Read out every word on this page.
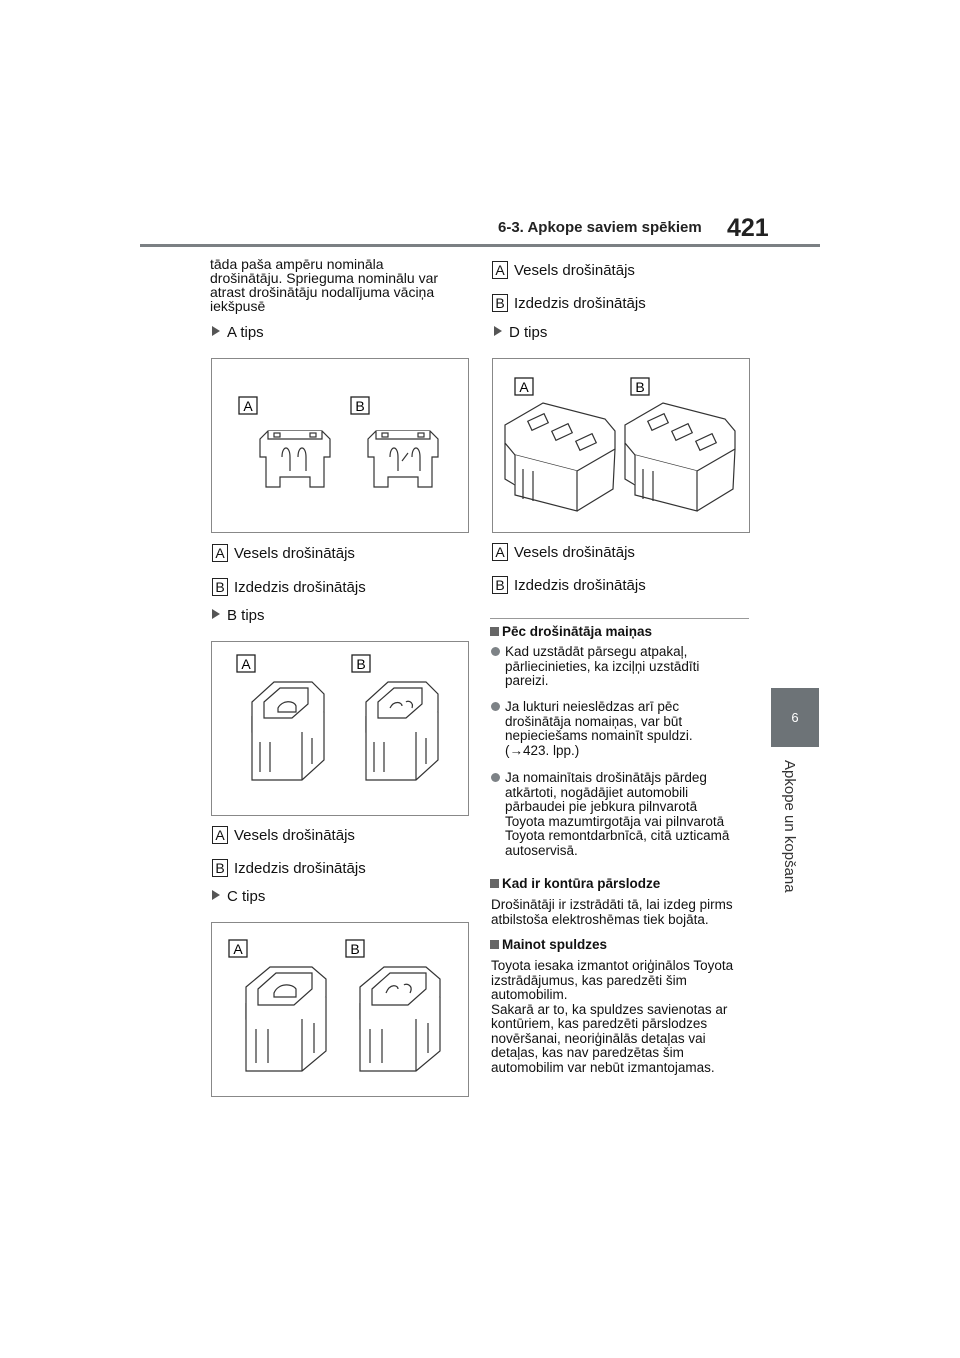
6-3. Apkope saviem spēkiem 421
6
Apkope un kopšana

tāda paša ampēru nominālа

drošinātāju. Sprieguma nominālu var

atrast drošinātāju nodalījuma vāciņa

iekšpusē

A tips
A	B
A Vesels drošinātājs
B Izdedzis drošinātājs
B tips
A	B
A Vesels drošinātājs
B Izdedzis drošinātājs
C tips
A	B
A Vesels drošinātājs
B Izdedzis drošinātājs
D tips
A	B
A Vesels drošinātājs
B Izdedzis drošinātājs
Pēc drošinātāja maiņas

Kad uzstādāt pārsegu atpakaļ,

pārliecinieties, ka izciļņi uzstādīti

pareizi.

Ja lukturi neieslēdzas arī pēc

drošinātāja nomaiņas, var būt

nepieciešams nomainīt spuldzi.

(→423. lpp.)

Ja nomainītais drošinātājs pārdeg

atkārtoti, nogādājiet automobili

pārbaudei pie jebkura pilnvarotā

Toyota mazumtirgotāja vai pilnvarotā

Toyota remontdarbnīcā, citā uzticamā

autoservisā.

Kad ir kontūra pārslodze

Drošinātāji ir izstrādāti tā, lai izdeg pirms

atbilstoša elektroshēmas tiek bojāta.

Mainot spuldzes

Toyota iesaka izmantot oriģinālos Toyota

izstrādājumus, kas paredzēti šim

automobilim.

Sakarā ar to, ka spuldzes savienotas ar

kontūriem, kas paredzēti pārslodzes

novēršanai, neoriģinālās detaļas vai

detaļas, kas nav paredzētas šim

automobilim var nebūt izmantojamas.
